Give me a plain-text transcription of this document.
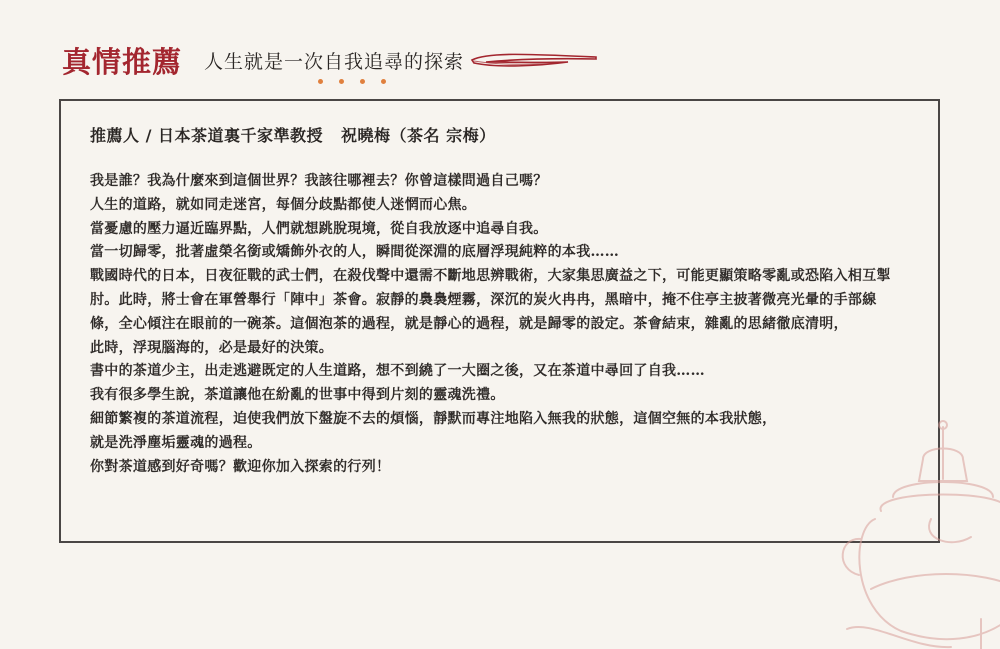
真情推薦 人生就是一次自我追尋的探索
推薦人 / 日本茶道裏千家準教授 祝曉梅（茶名 宗梅）
我是誰？我為什麼來到這個世界？我該往哪裡去？你曾這樣問過自己嗎？
人生的道路，就如同走迷宮，每個分歧點都使人迷惘而心焦。
當憂慮的壓力逼近臨界點，人們就想跳脫現境，從自我放逐中追尋自我。
當一切歸零，批著虛榮名銜或矯飾外衣的人，瞬間從深淵的底層浮現純粹的本我……
戰國時代的日本，日夜征戰的武士們，在殺伐聲中還需不斷地思辨戰術，大家集思廣益之下，可能更顯策略零亂或恐陷入相互掣
肘。此時，將士會在軍營舉行「陣中」茶會。寂靜的裊裊煙霧，深沉的炭火冉冉，黑暗中，掩不住亭主披著微亮光暈的手部線
條，全心傾注在眼前的一碗茶。這個泡茶的過程，就是靜心的過程，就是歸零的設定。茶會結束，雜亂的思緒徹底清明，
此時，浮現腦海的，必是最好的決策。
書中的茶道少主，出走逃避既定的人生道路，想不到繞了一大圈之後，又在茶道中尋回了自我……
我有很多學生說，茶道讓他在紛亂的世事中得到片刻的靈魂洗禮。
細節繁複的茶道流程，迫使我們放下盤旋不去的煩惱，靜默而專注地陷入無我的狀態，這個空無的本我狀態，
就是洗淨塵垢靈魂的過程。
你對茶道感到好奇嗎？歡迎你加入探索的行列！
